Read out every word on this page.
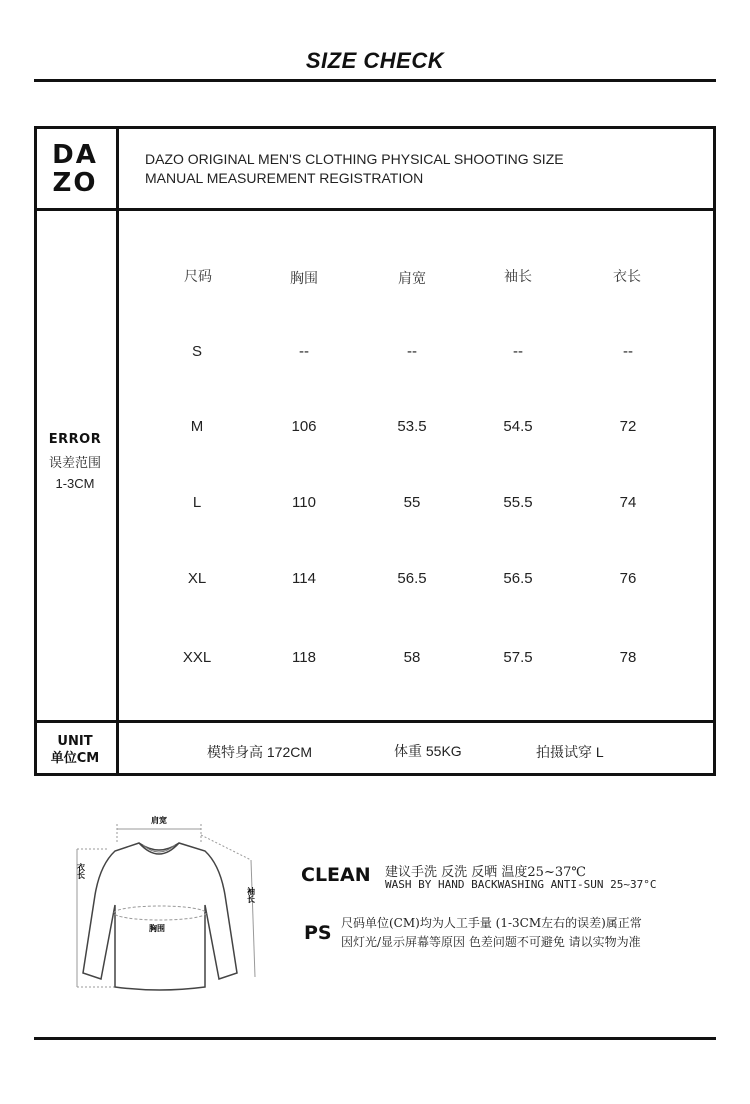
SIZE CHECK
DA
ZO
DAZO ORIGINAL MEN'S CLOTHING PHYSICAL SHOOTING SIZE
MANUAL MEASUREMENT REGISTRATION
ERROR
误差范围
1-3CM
尺码	胸围	肩宽	袖长	衣长
S	--	--	--	--
M	106	53.5	54.5	72
L	110	55	55.5	74
XL	114	56.5	56.5	76
XXL	118	58	57.5	78
UNIT
单位CM	模特身高 172CM	体重 55KG	拍摄试穿 L
肩宽
衣长
袖长
胸围
CLEAN 建议手洗 反洗 反晒 温度25~37℃
WASH BY HAND BACKWASHING ANTI-SUN 25~37°C
PS 尺码单位(CM)均为人工手量 (1-3CM左右的误差)属正常
因灯光/显示屏幕等原因 色差问题不可避免 请以实物为准
